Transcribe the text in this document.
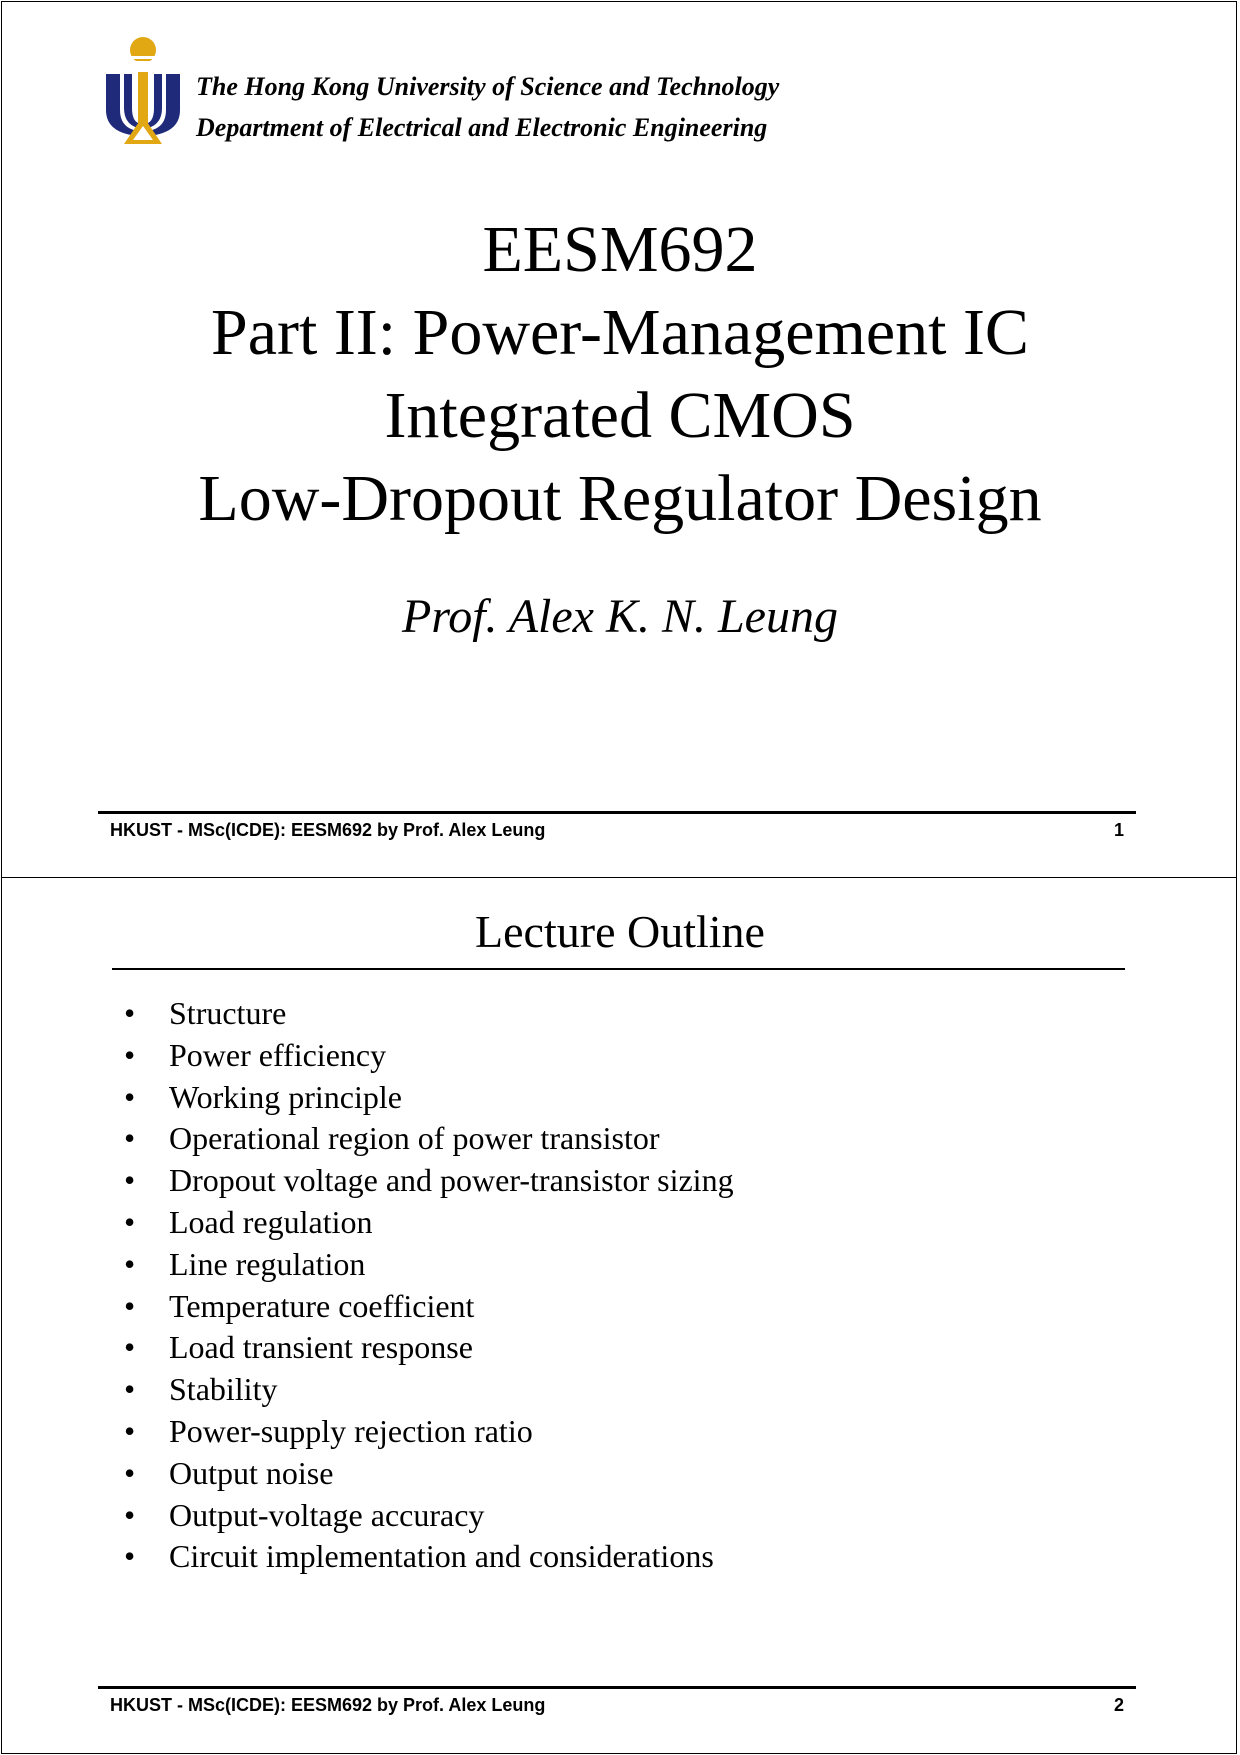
The Hong Kong University of Science and Technology
Department of Electrical and Electronic Engineering
EESM692
Part II: Power-Management IC
Integrated CMOS
Low-Dropout Regulator Design
Prof. Alex K. N. Leung
HKUST - MSc(ICDE): EESM692 by Prof. Alex Leung	1
Lecture Outline
• Structure
• Power efficiency
• Working principle
• Operational region of power transistor
• Dropout voltage and power-transistor sizing
• Load regulation
• Line regulation
• Temperature coefficient
• Load transient response
• Stability
• Power-supply rejection ratio
• Output noise
• Output-voltage accuracy
• Circuit implementation and considerations
HKUST - MSc(ICDE): EESM692 by Prof. Alex Leung	2
